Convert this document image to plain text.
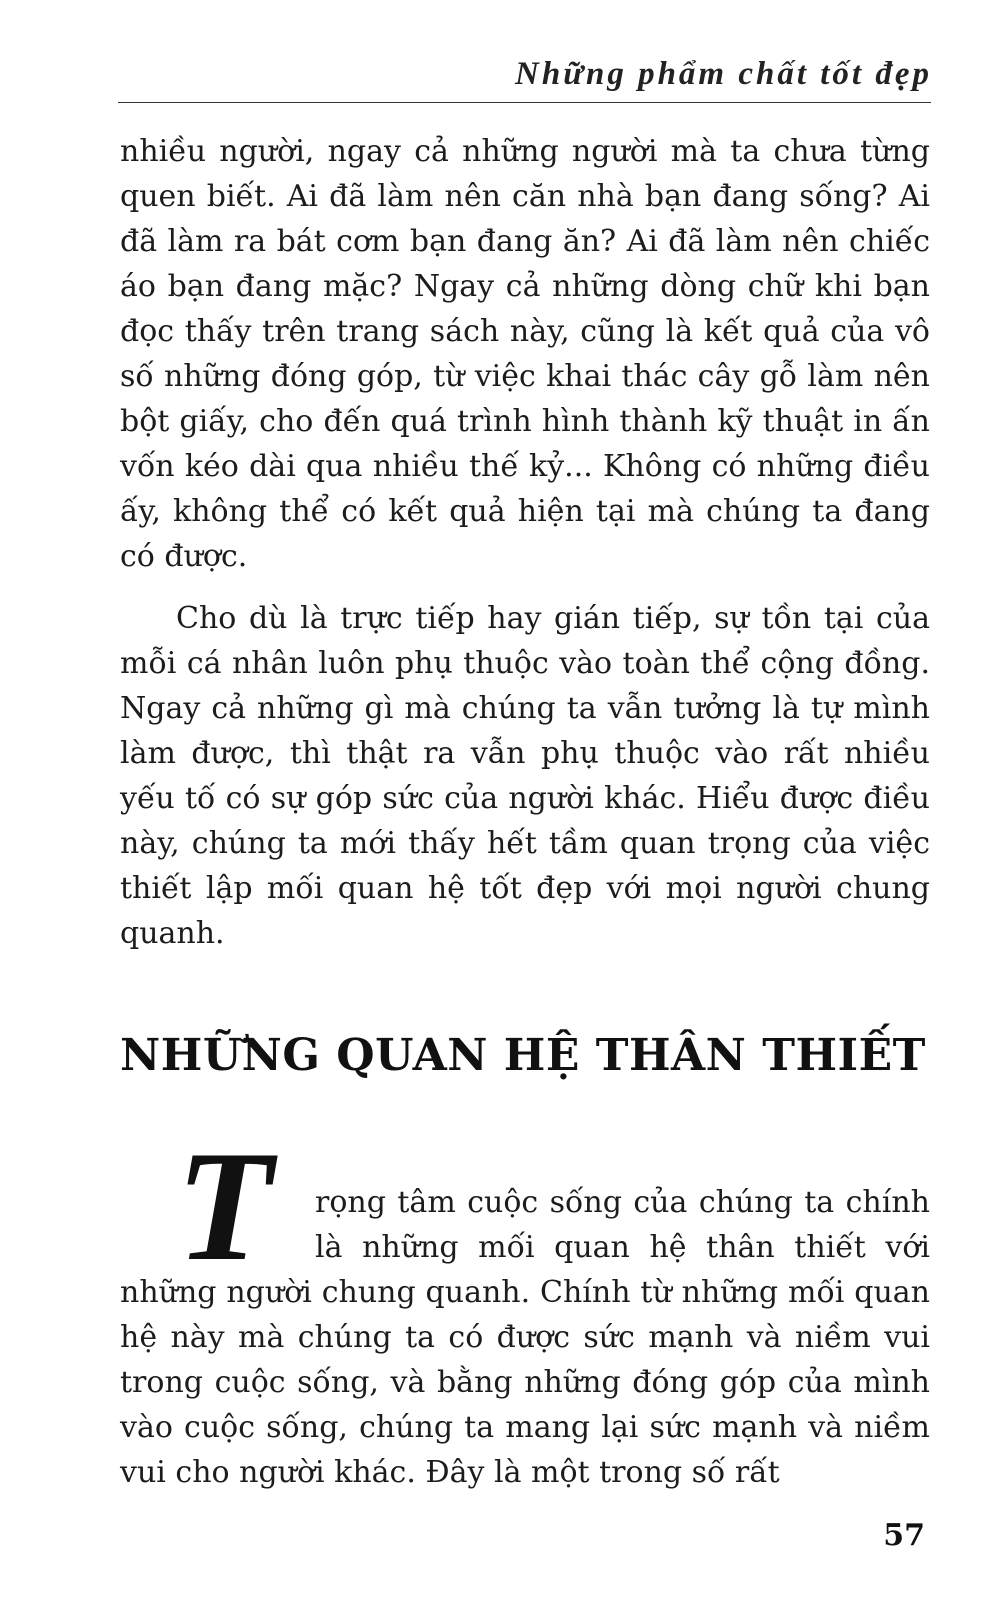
Những phẩm chất tốt đẹp

nhiều người, ngay cả những người mà ta chưa từng quen biết. Ai đã làm nên căn nhà bạn đang sống? Ai đã làm ra bát cơm bạn đang ăn? Ai đã làm nên chiếc áo bạn đang mặc? Ngay cả những dòng chữ khi bạn đọc thấy trên trang sách này, cũng là kết quả của vô số những đóng góp, từ việc khai thác cây gỗ làm nên bột giấy, cho đến quá trình hình thành kỹ thuật in ấn vốn kéo dài qua nhiều thế kỷ... Không có những điều ấy, không thể có kết quả hiện tại mà chúng ta đang có được.

Cho dù là trực tiếp hay gián tiếp, sự tồn tại của mỗi cá nhân luôn phụ thuộc vào toàn thể cộng đồng. Ngay cả những gì mà chúng ta vẫn tưởng là tự mình làm được, thì thật ra vẫn phụ thuộc vào rất nhiều yếu tố có sự góp sức của người khác. Hiểu được điều này, chúng ta mới thấy hết tầm quan trọng của việc thiết lập mối quan hệ tốt đẹp với mọi người chung quanh.

NHỮNG QUAN HỆ THÂN THIẾT
T	rọng tâm cuộc sống của chúng ta chính
là những mối quan hệ thân thiết với

những người chung quanh. Chính từ những mối quan hệ này mà chúng ta có được sức mạnh và niềm vui trong cuộc sống, và bằng những đóng góp của mình vào cuộc sống, chúng ta mang lại sức mạnh và niềm vui cho người khác. Đây là một trong số rất

57
